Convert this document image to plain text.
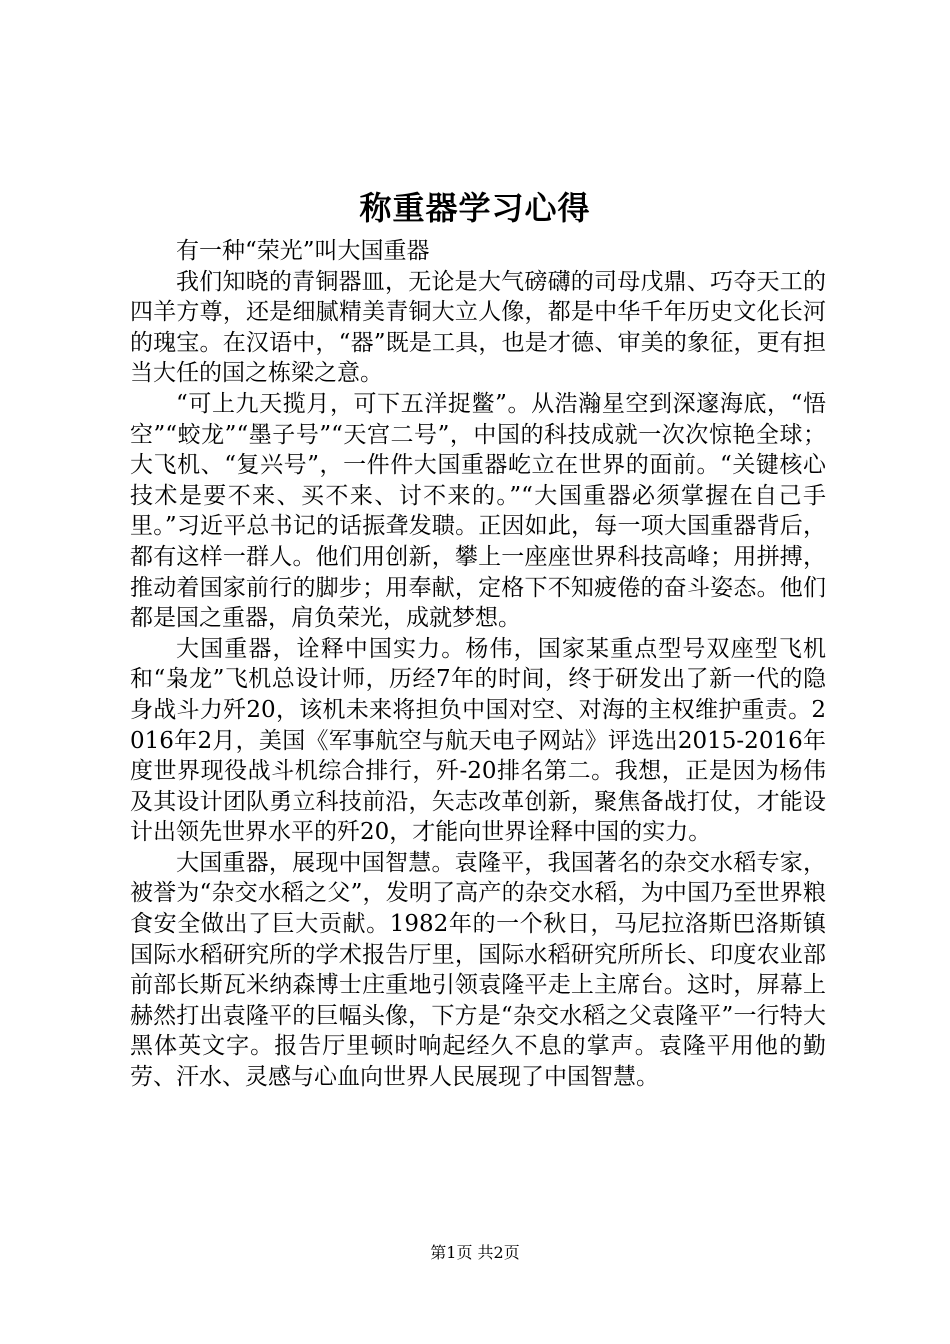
称重器学习心得

有一种“荣光”叫大国重器

我们知晓的青铜器皿，无论是大气磅礴的司母戊鼎、巧夺天工的四羊方尊，还是细腻精美青铜大立人像，都是中华千年历史文化长河的瑰宝。在汉语中，“器”既是工具，也是才德、审美的象征，更有担当大任的国之栋梁之意。

“可上九天揽月，可下五洋捉鳖”。从浩瀚星空到深邃海底，“悟空”“蛟龙”“墨子号”“天宫二号”，中国的科技成就一次次惊艳全球；大飞机、“复兴号”，一件件大国重器屹立在世界的面前。“关键核心技术是要不来、买不来、讨不来的。”“大国重器必须掌握在自己手里。”习近平总书记的话振聋发聩。正因如此，每一项大国重器背后，都有这样一群人。他们用创新，攀上一座座世界科技高峰；用拼搏，推动着国家前行的脚步；用奉献，定格下不知疲倦的奋斗姿态。他们都是国之重器，肩负荣光，成就梦想。

大国重器，诠释中国实力。杨伟，国家某重点型号双座型飞机和“枭龙”飞机总设计师，历经7年的时间，终于研发出了新一代的隐身战斗力歼20，该机未来将担负中国对空、对海的主权维护重责。2016年2月，美国《军事航空与航天电子网站》评选出2015-2016年度世界现役战斗机综合排行，歼-20排名第二。我想，正是因为杨伟及其设计团队勇立科技前沿，矢志改革创新，聚焦备战打仗，才能设计出领先世界水平的歼20，才能向世界诠释中国的实力。

大国重器，展现中国智慧。袁隆平，我国著名的杂交水稻专家，被誉为“杂交水稻之父”，发明了高产的杂交水稻，为中国乃至世界粮食安全做出了巨大贡献。1982年的一个秋日，马尼拉洛斯巴洛斯镇国际水稻研究所的学术报告厅里，国际水稻研究所所长、印度农业部前部长斯瓦米纳森博士庄重地引领袁隆平走上主席台。这时，屏幕上赫然打出袁隆平的巨幅头像，下方是“杂交水稻之父袁隆平”一行特大黑体英文字。报告厅里顿时响起经久不息的掌声。袁隆平用他的勤劳、汗水、灵感与心血向世界人民展现了中国智慧。

第1页 共2页
